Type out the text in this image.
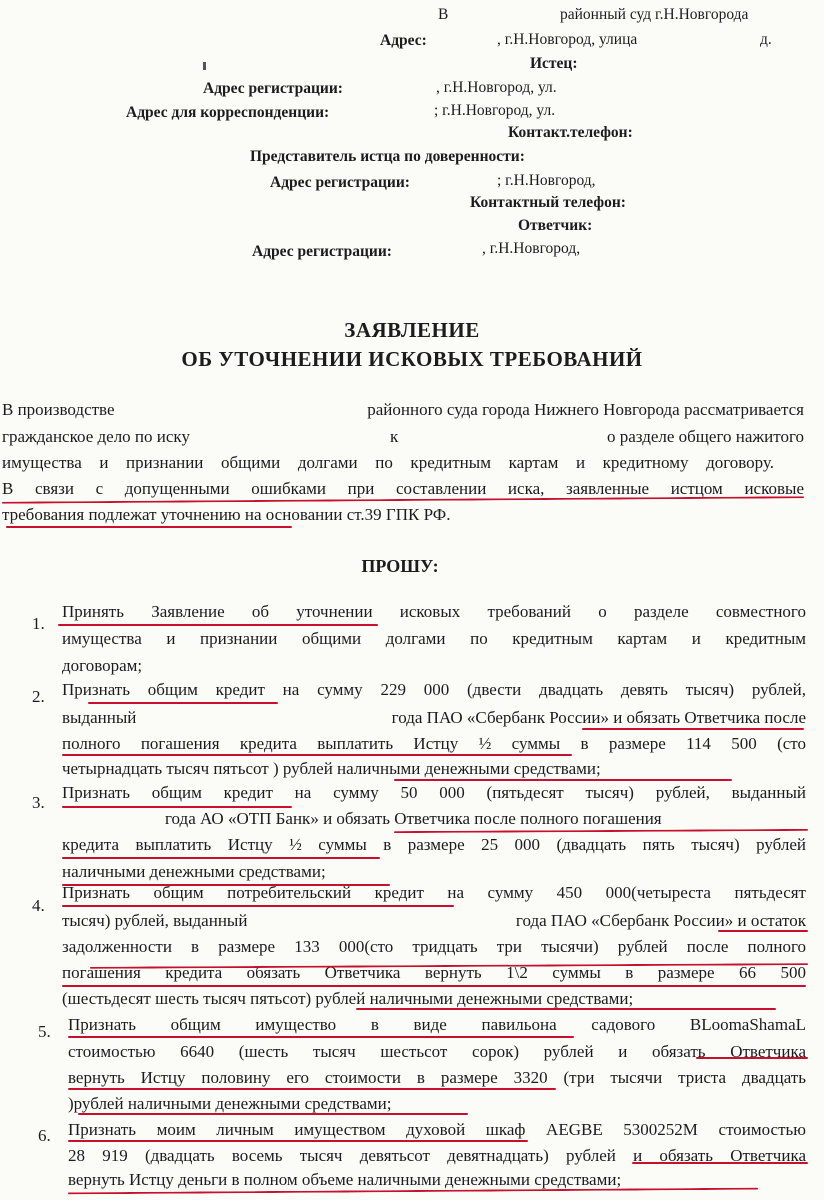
В	районный суд г.Н.Новгорода
Адрес:	, г.Н.Новгород, улица	д.
Истец:
Адрес регистрации:	, г.Н.Новгород, ул.
Адрес для корреспонденции:	; г.Н.Новгород, ул.
Контакт.телефон:
Представитель истца по доверенности:
Адрес регистрации:	; г.Н.Новгород,
Контактный телефон:
Ответчик:
Адрес регистрации:	, г.Н.Новгород,
ЗАЯВЛЕНИЕ
ОБ УТОЧНЕНИИ ИСКОВЫХ ТРЕБОВАНИЙ
В производстве	районного суда города Нижнего Новгорода рассматривается
гражданское дело по иску	к	о разделе общего нажитого
имущества и признании общими долгами по кредитным картам и кредитному договору.
В связи с допущенными ошибками при составлении иска, заявленные истцом исковые
требования подлежат уточнению на основании ст.39 ГПК РФ.
ПРОШУ:
1.
Принять Заявление об уточнении исковых требований о разделе совместного
имущества и признании общими долгами по кредитным картам и кредитным
договорам;
2. Признать общим кредит на сумму 229 000 (двести двадцать девять тысяч) рублей,
выданный	года ПАО «Сбербанк России» и обязать Ответчика после
полного погашения кредита выплатить Истцу ½ суммы в размере 114 500 (сто
четырнадцать тысяч пятьсот ) рублей наличными денежными средствами;
3.
Признать общим кредит на сумму 50 000 (пятьдесят тысяч) рублей, выданный
года АО «ОТП Банк» и обязать Ответчика после полного погашения
кредита выплатить Истцу ½ суммы в размере 25 000 (двадцать пять тысяч) рублей
наличными денежными средствами;
4.
Признать общим потребительский кредит на сумму 450 000(четыреста пятьдесят
тысяч) рублей, выданный	года ПАО «Сбербанк России» и остаток
задолженности в размере 133 000(сто тридцать три тысячи) рублей после полного
погашения кредита обязать Ответчика вернуть 1\2 суммы в размере 66 500
(шестьдесят шесть тысяч пятьсот) рублей наличными денежными средствами;
5. Признать общим имущество в виде павильона садового BLoomaShamaL
стоимостью 6640 (шесть тысяч шестьсот сорок) рублей и обязать Ответчика
вернуть Истцу половину его стоимости в размере 3320 (три тысячи триста двадцать
)рублей наличными денежными средствами;
6. Признать моим личным имуществом духовой шкаф AEGBE 5300252M стоимостью
28 919 (двадцать восемь тысяч девятьсот девятнадцать) рублей и обязать Ответчика
вернуть Истцу деньги в полном объеме наличными денежными средствами;
